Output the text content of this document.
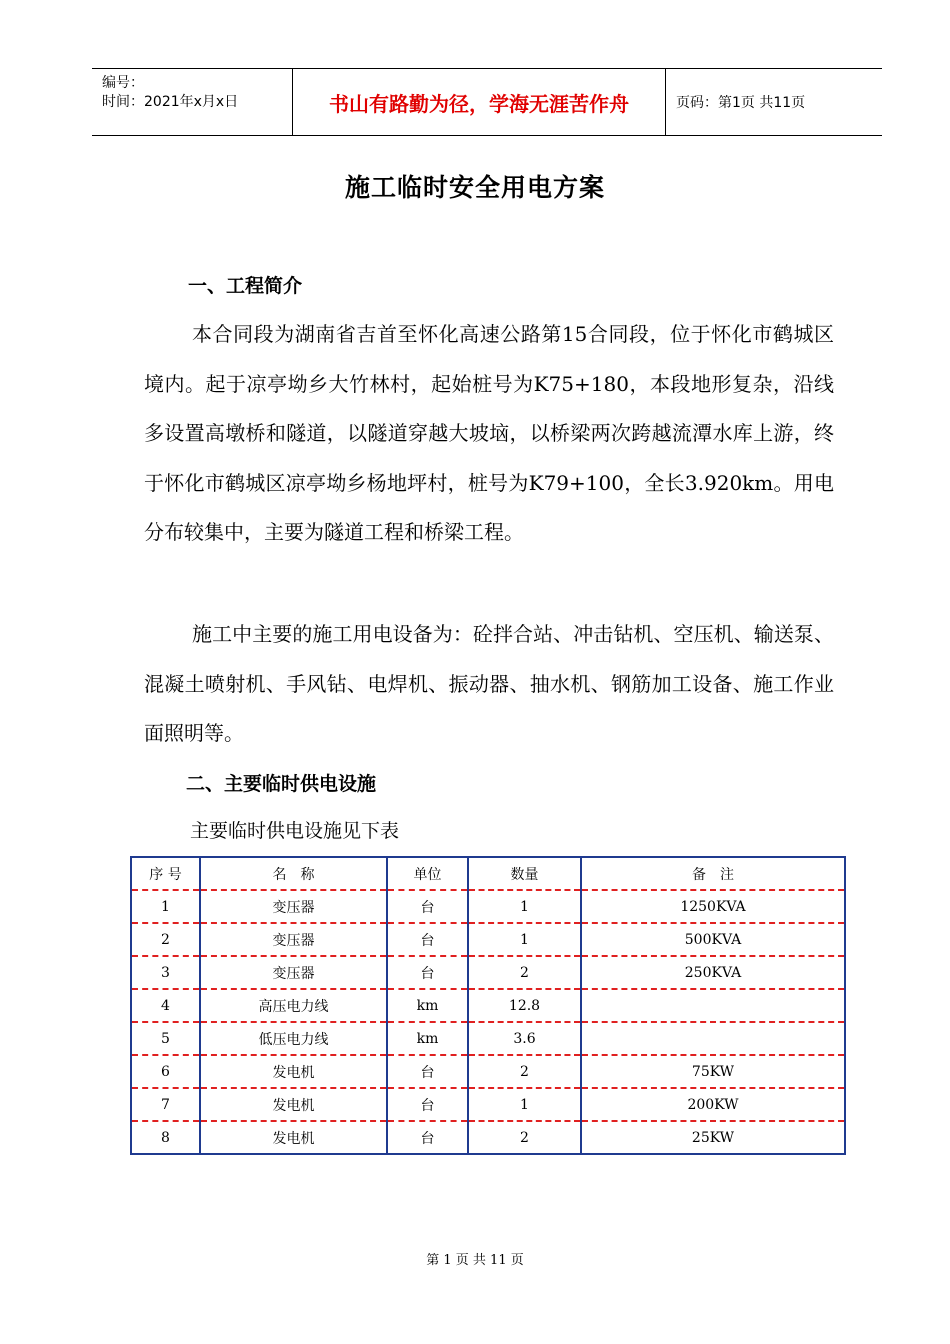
编号：
时间：2021年x月x日	书山有路勤为径，学海无涯苦作舟	页码：第1页 共11页
施工临时安全用电方案
一、工程简介

本合同段为湖南省吉首至怀化高速公路第15合同段，位于怀化市鹤城区境内。起于凉亭坳乡大竹林村，起始桩号为K75+180，本段地形复杂，沿线多设置高墩桥和隧道，以隧道穿越大坡垴，以桥梁两次跨越流潭水库上游，终于怀化市鹤城区凉亭坳乡杨地坪村，桩号为K79+100，全长3.920km。用电分布较集中，主要为隧道工程和桥梁工程。

施工中主要的施工用电设备为：砼拌合站、冲击钻机、空压机、输送泵、混凝土喷射机、手风钻、电焊机、振动器、抽水机、钢筋加工设备、施工作业面照明等。

二、主要临时供电设施
主要临时供电设施见下表
序 号	名　称	单位	数量	备　注
1	变压器	台	1	1250KVA
2	变压器	台	1	500KVA
3	变压器	台	2	250KVA
4	高压电力线	km	12.8	
5	低压电力线	km	3.6	
6	发电机	台	2	75KW
7	发电机	台	1	200KW
8	发电机	台	2	25KW
第 1 页 共 11 页
